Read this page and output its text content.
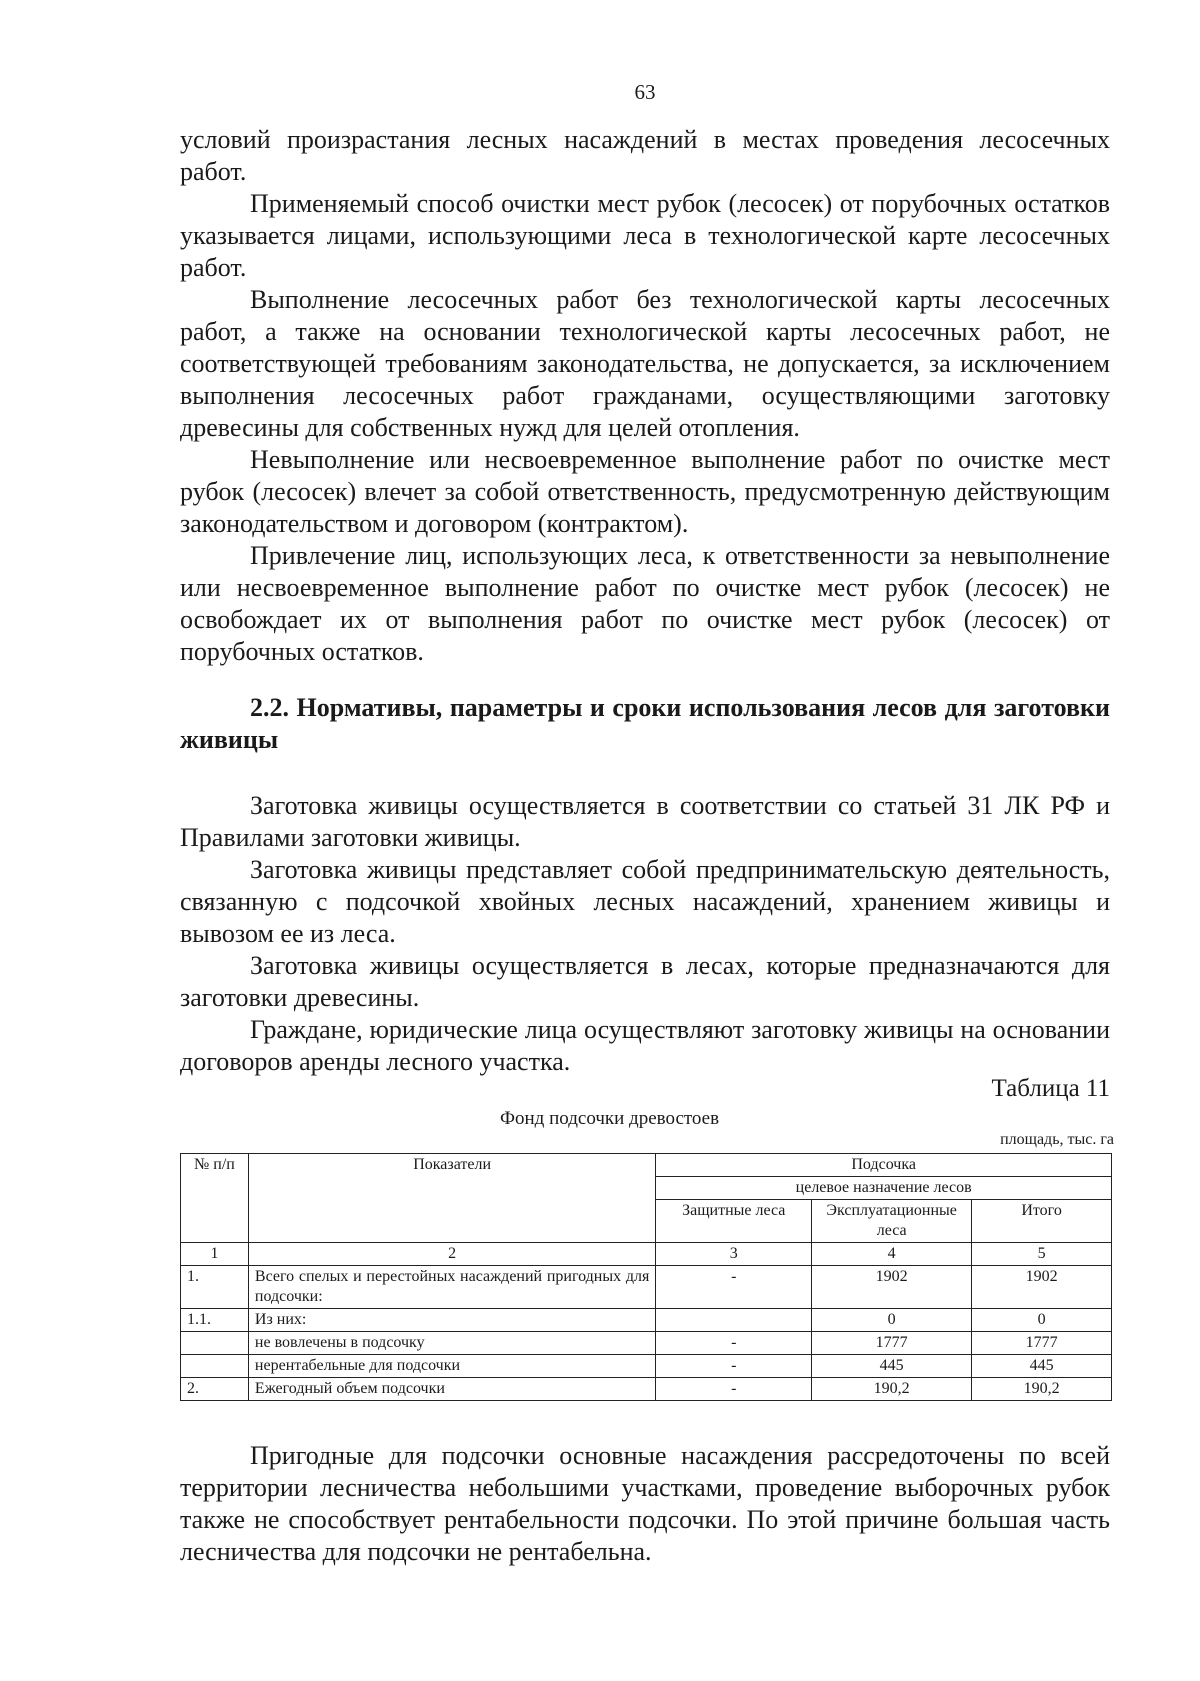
63

условий произрастания лесных насаждений в местах проведения лесосечных работ.

Применяемый способ очистки мест рубок (лесосек) от порубочных остатков указывается лицами, использующими леса в технологической карте лесосечных работ.

Выполнение лесосечных работ без технологической карты лесосечных работ, а также на основании технологической карты лесосечных работ, не соответствующей требованиям законодательства, не допускается, за исключением выполнения лесосечных работ гражданами, осуществляющими заготовку древесины для собственных нужд для целей отопления.

Невыполнение или несвоевременное выполнение работ по очистке мест рубок (лесосек) влечет за собой ответственность, предусмотренную действующим законодательством и договором (контрактом).

Привлечение лиц, использующих леса, к ответственности за невыполнение или несвоевременное выполнение работ по очистке мест рубок (лесосек) не освобождает их от выполнения работ по очистке мест рубок (лесосек) от порубочных остатков.

2.2. Нормативы, параметры и сроки использования лесов для заготовки живицы

Заготовка живицы осуществляется в соответствии со статьей 31 ЛК РФ и Правилами заготовки живицы.

Заготовка живицы представляет собой предпринимательскую деятельность, связанную с подсочкой хвойных лесных насаждений, хранением живицы и вывозом ее из леса.

Заготовка живицы осуществляется в лесах, которые предназначаются для заготовки древесины.

Граждане, юридические лица осуществляют заготовку живицы на основании договоров аренды лесного участка.

Таблица 11
Фонд подсочки древостоев
площадь, тыс. га
№ п/п	Показатели	Подсочка		
		целевое назначение лесов		
		Защитные леса	Эксплуатационные леса	Итого
1	2	3	4	5
1.	Всего спелых и перестойных насаждений пригодных для подсочки:	-	1902	1902
1.1.	Из них:		0	0
	не вовлечены в подсочку	-	1777	1777
	нерентабельные для подсочки	-	445	445
2.	Ежегодный объем подсочки	-	190,2	190,2
Пригодные для подсочки основные насаждения рассредоточены по всей территории лесничества небольшими участками, проведение выборочных рубок также не способствует рентабельности подсочки. По этой причине большая часть лесничества для подсочки не рентабельна.
